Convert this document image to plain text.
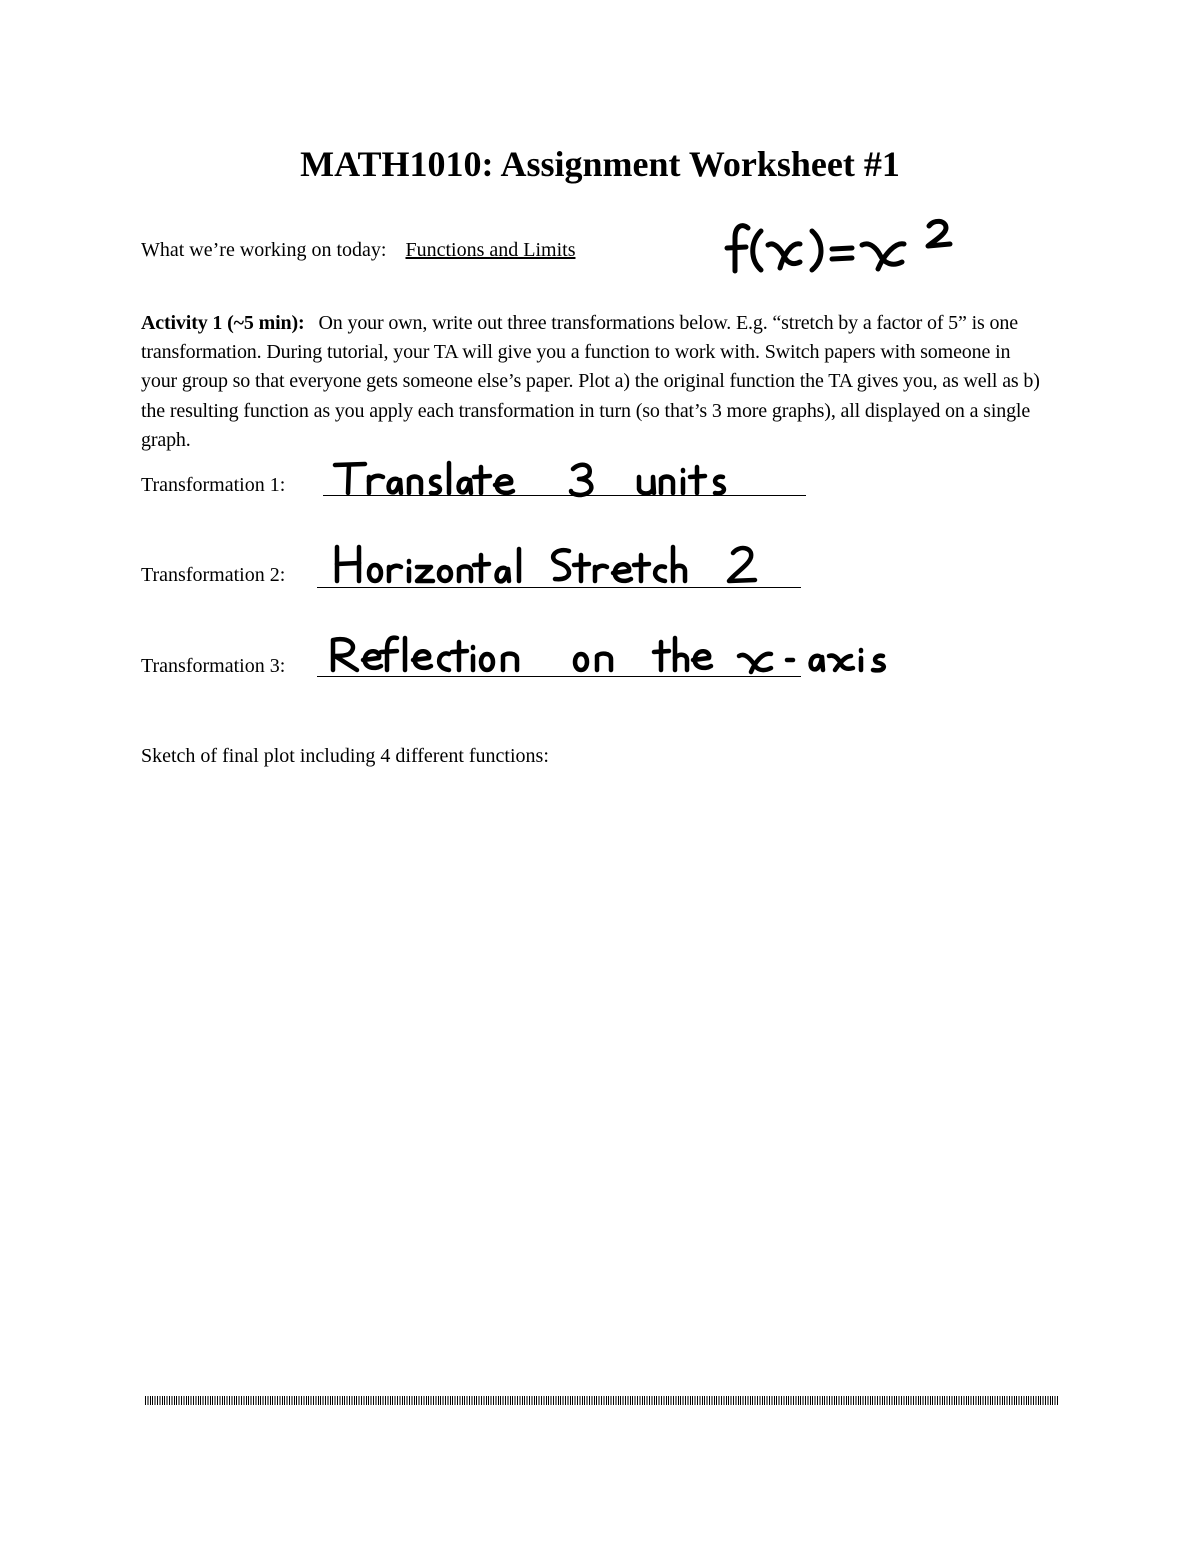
MATH1010: Assignment Worksheet #1
What we’re working on today: Functions and Limits
Activity 1 (~5 min): On your own, write out three transformations below. E.g. “stretch by a factor of 5” is one transformation. During tutorial, your TA will give you a function to work with. Switch papers with someone in your group so that everyone gets someone else’s paper. Plot a) the original function the TA gives you, as well as b) the resulting function as you apply each transformation in turn (so that’s 3 more graphs), all displayed on a single graph.
Transformation 1:
Transformation 2:
Transformation 3:
Sketch of final plot including 4 different functions:
